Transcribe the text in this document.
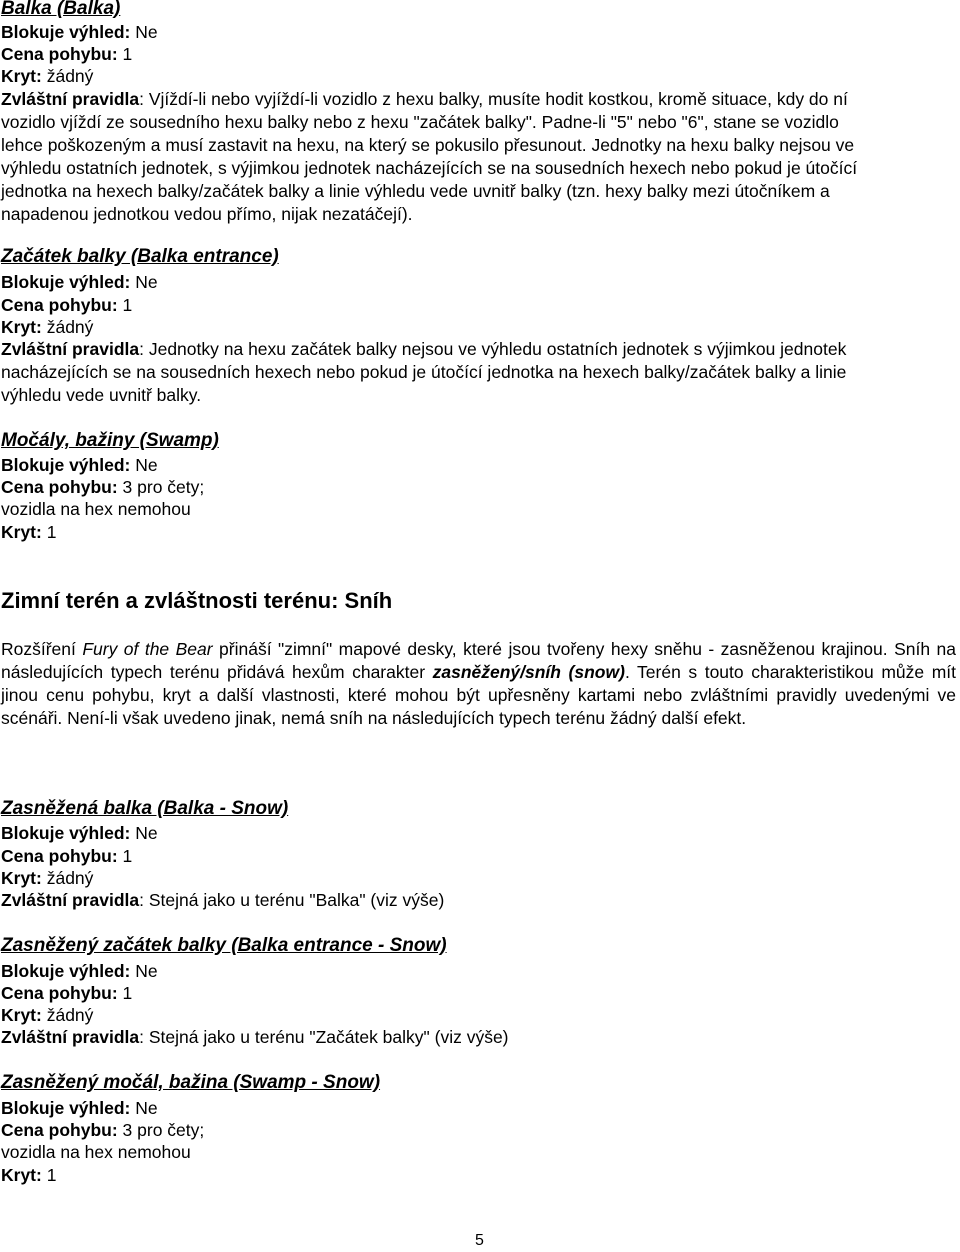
Balka (Balka)
Blokuje výhled: Ne
Cena pohybu: 1
Kryt: žádný
Zvláštní pravidla: Vjíždí-li nebo vyjíždí-li vozidlo z hexu balky, musíte hodit kostkou, kromě situace, kdy do ní
vozidlo vjíždí ze sousedního hexu balky nebo z hexu "začátek balky". Padne-li "5" nebo "6", stane se vozidlo
lehce poškozeným a musí zastavit na hexu, na který se pokusilo přesunout. Jednotky na hexu balky nejsou ve
výhledu ostatních jednotek, s výjimkou jednotek nacházejících se na sousedních hexech nebo pokud je útočící
jednotka na hexech balky/začátek balky a linie výhledu vede uvnitř balky (tzn. hexy balky mezi útočníkem a
napadenou jednotkou vedou přímo, nijak nezatáčejí).
Začátek balky (Balka entrance)
Blokuje výhled: Ne
Cena pohybu: 1
Kryt: žádný
Zvláštní pravidla: Jednotky na hexu začátek balky nejsou ve výhledu ostatních jednotek s výjimkou jednotek
nacházejících se na sousedních hexech nebo pokud je útočící jednotka na hexech balky/začátek balky a linie
výhledu vede uvnitř balky.
Močály, bažiny (Swamp)
Blokuje výhled: Ne
Cena pohybu: 3 pro čety;
vozidla na hex nemohou
Kryt: 1
Zimní terén a zvláštnosti terénu: Sníh
Rozšíření Fury of the Bear přináší "zimní" mapové desky, které jsou tvořeny hexy sněhu - zasněženou krajinou. Sníh na následujících typech terénu přidává hexům charakter zasněžený/sníh (snow). Terén s touto charakteristikou může mít jinou cenu pohybu, kryt a další vlastnosti, které mohou být upřesněny kartami nebo zvláštními pravidly uvedenými ve scénáři. Není-li však uvedeno jinak, nemá sníh na následujících typech terénu žádný další efekt.
Zasněžená balka (Balka - Snow)
Blokuje výhled: Ne
Cena pohybu: 1
Kryt: žádný
Zvláštní pravidla: Stejná jako u terénu "Balka" (viz výše)
Zasněžený začátek balky (Balka entrance - Snow)
Blokuje výhled: Ne
Cena pohybu: 1
Kryt: žádný
Zvláštní pravidla: Stejná jako u terénu "Začátek balky" (viz výše)
Zasněžený močál, bažina (Swamp - Snow)
Blokuje výhled: Ne
Cena pohybu: 3 pro čety;
vozidla na hex nemohou
Kryt: 1
5
